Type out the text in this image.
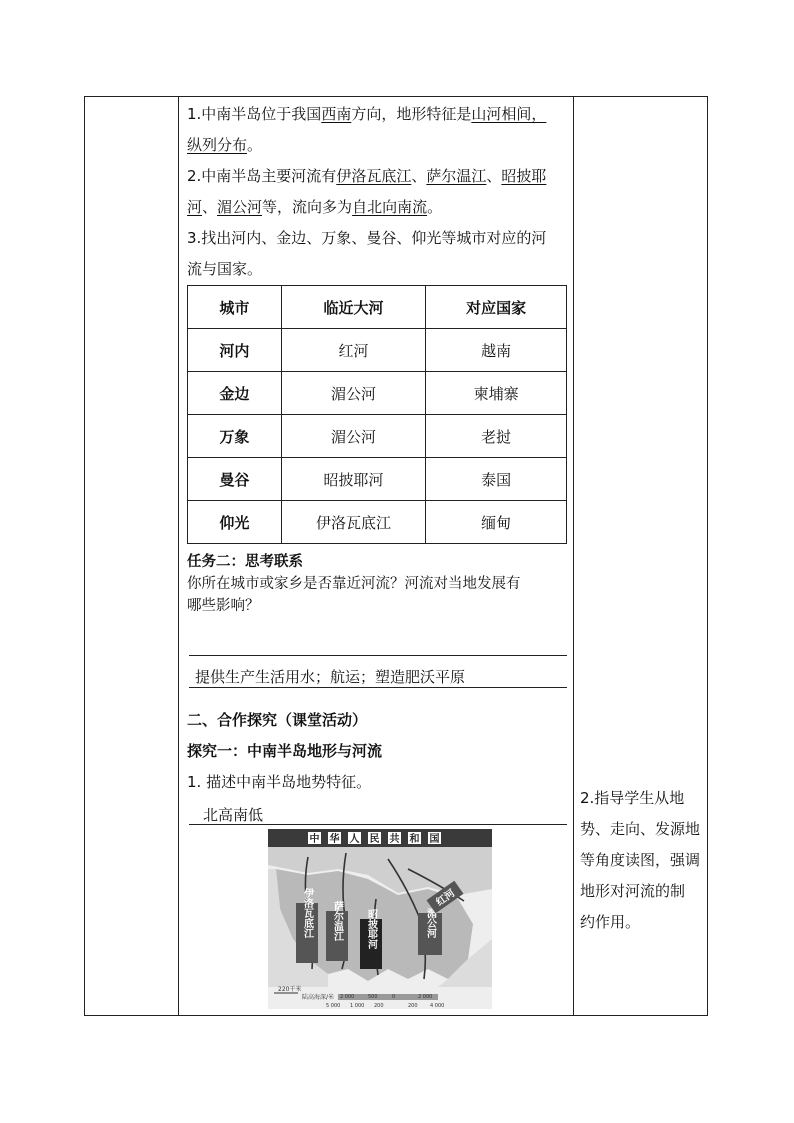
1.中南半岛位于我国西南方向，地形特征是山河相间，

纵列分布。

2.中南半岛主要河流有伊洛瓦底江、萨尔温江、昭披耶

河、湄公河等，流向多为自北向南流。

3.找出河内、金边、万象、曼谷、仰光等城市对应的河

流与国家。

城市	临近大河	对应国家
河内	红河	越南
金边	湄公河	柬埔寨
万象	湄公河	老挝
曼谷	昭披耶河	泰国
仰光	伊洛瓦底江	缅甸

任务二：思考联系

你所在城市或家乡是否靠近河流？河流对当地发展有

哪些影响？

提供生产生活用水；航运；塑造肥沃平原

二、合作探究（课堂活动）

探究一：中南半岛地形与河流

1. 描述中南半岛地势特征。

北高南低

中 华 人 民 共 和 国
伊洛瓦底江 萨尔温江 昭披耶河	湄公河
红河
220千米
陆高海深/米 2 000	500	0	2 000
5 000 1 000 200	200 4 000

2.指导学生从地

势、走向、发源地

等角度读图，强调

地形对河流的制

约作用。
